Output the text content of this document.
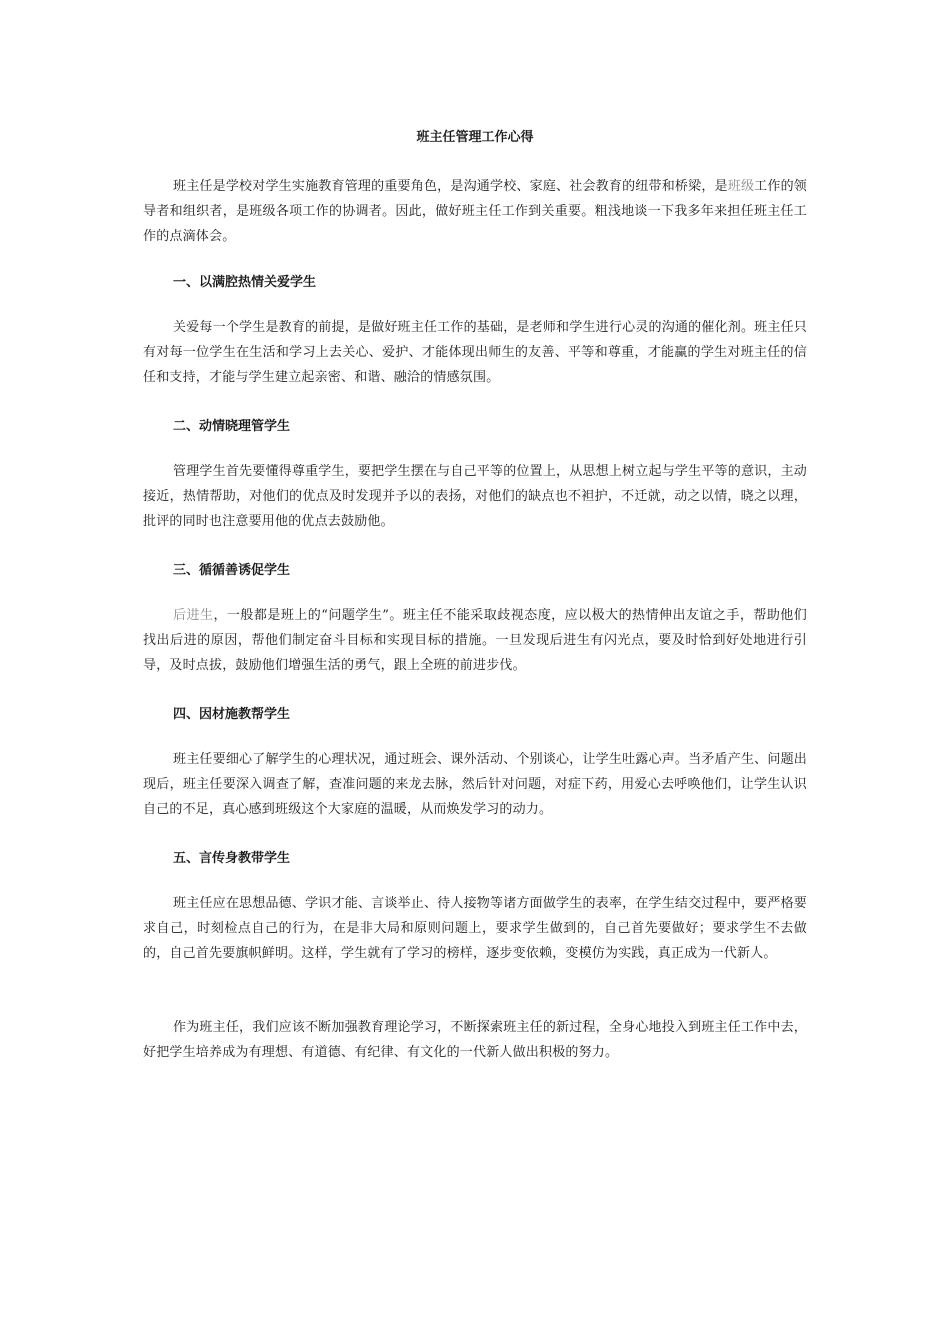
班主任管理工作心得

班主任是学校对学生实施教育管理的重要角色，是沟通学校、家庭、社会教育的纽带和桥梁，是班级工作的领导者和组织者，是班级各项工作的协调者。因此，做好班主任工作到关重要。粗浅地谈一下我多年来担任班主任工作的点滴体会。

一、以满腔热情关爱学生

关爱每一个学生是教育的前提，是做好班主任工作的基础，是老师和学生进行心灵的沟通的催化剂。班主任只有对每一位学生在生活和学习上去关心、爱护、才能体现出师生的友善、平等和尊重，才能赢的学生对班主任的信任和支持，才能与学生建立起亲密、和谐、融洽的情感氛围。

二、动情晓理管学生

管理学生首先要懂得尊重学生，要把学生摆在与自己平等的位置上，从思想上树立起与学生平等的意识，主动接近，热情帮助，对他们的优点及时发现并予以的表扬，对他们的缺点也不袒护，不迁就，动之以情，晓之以理，批评的同时也注意要用他的优点去鼓励他。

三、循循善诱促学生

后进生，一般都是班上的“问题学生”。班主任不能采取歧视态度，应以极大的热情伸出友谊之手，帮助他们找出后进的原因，帮他们制定奋斗目标和实现目标的措施。一旦发现后进生有闪光点，要及时恰到好处地进行引导，及时点拔，鼓励他们增强生活的勇气，跟上全班的前进步伐。

四、因材施教帮学生

班主任要细心了解学生的心理状况，通过班会、课外活动、个别谈心，让学生吐露心声。当矛盾产生、问题出现后，班主任要深入调查了解，查准问题的来龙去脉，然后针对问题，对症下药，用爱心去呼唤他们，让学生认识自己的不足，真心感到班级这个大家庭的温暖，从而焕发学习的动力。

五、言传身教带学生

班主任应在思想品德、学识才能、言谈举止、待人接物等诸方面做学生的表率，在学生结交过程中，要严格要求自己，时刻检点自己的行为，在是非大局和原则问题上，要求学生做到的，自己首先要做好；要求学生不去做的，自己首先要旗帜鲜明。这样，学生就有了学习的榜样，逐步变依赖，变模仿为实践，真正成为一代新人。

作为班主任，我们应该不断加强教育理论学习，不断探索班主任的新过程，全身心地投入到班主任工作中去，好把学生培养成为有理想、有道德、有纪律、有文化的一代新人做出积极的努力。
